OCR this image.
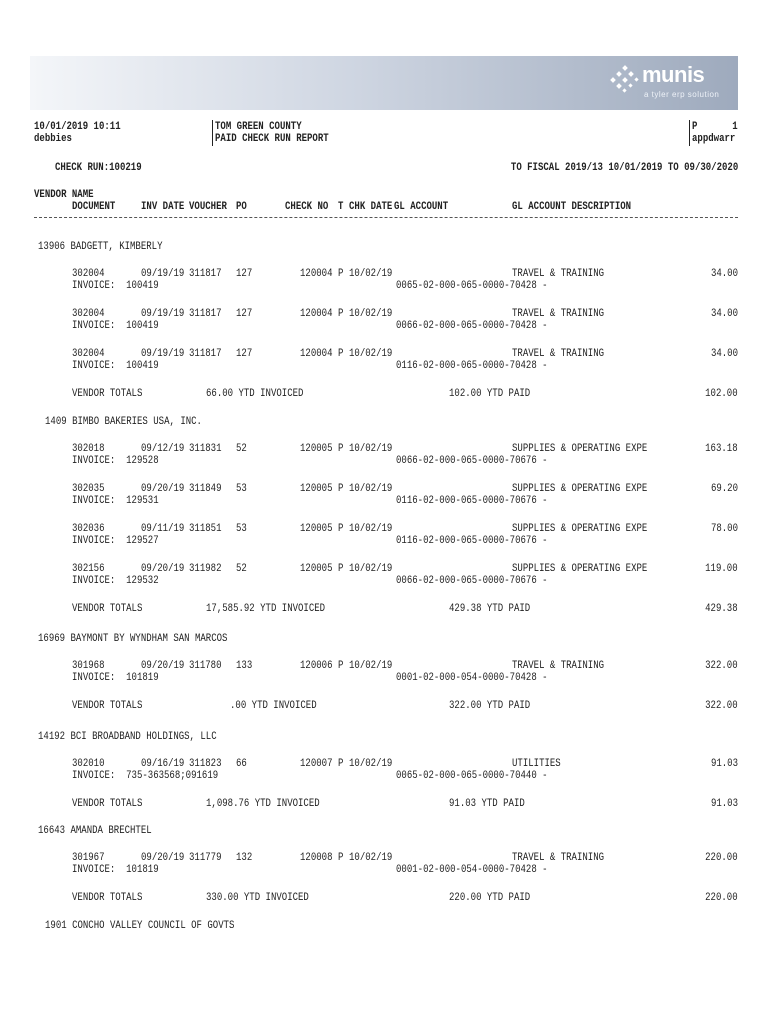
munis
a tyler erp solution
10/01/2019 10:11
debbies
TOM GREEN COUNTY
PAID CHECK RUN REPORT
P	1
appdwarr
CHECK RUN:100219	TO FISCAL 2019/13 10/01/2019 TO 09/30/2020
VENDOR NAME
DOCUMENT INV DATE VOUCHER PO	CHECK NO T CHK DATE GL ACCOUNT	GL ACCOUNT DESCRIPTION
13906 BADGETT, KIMBERLY
302004	09/19/19 311817 127	120004 P 10/02/19	TRAVEL & TRAINING	34.00
INVOICE:  100419	0065-02-000-065-0000-70428 -
302004	09/19/19 311817 127	120004 P 10/02/19	TRAVEL & TRAINING	34.00
INVOICE:  100419	0066-02-000-065-0000-70428 -
302004	09/19/19 311817 127	120004 P 10/02/19	TRAVEL & TRAINING	34.00
INVOICE:  100419	0116-02-000-065-0000-70428 -
VENDOR TOTALS	66.00 YTD INVOICED	102.00 YTD PAID	102.00
1409 BIMBO BAKERIES USA, INC.
302018	09/12/19 311831 52	120005 P 10/02/19	SUPPLIES & OPERATING EXPE	163.18
INVOICE:  129528	0066-02-000-065-0000-70676 -
302035	09/20/19 311849 53	120005 P 10/02/19	SUPPLIES & OPERATING EXPE	69.20
INVOICE:  129531	0116-02-000-065-0000-70676 -
302036	09/11/19 311851 53	120005 P 10/02/19	SUPPLIES & OPERATING EXPE	78.00
INVOICE:  129527	0116-02-000-065-0000-70676 -
302156	09/20/19 311982 52	120005 P 10/02/19	SUPPLIES & OPERATING EXPE	119.00
INVOICE:  129532	0066-02-000-065-0000-70676 -
VENDOR TOTALS	17,585.92 YTD INVOICED	429.38 YTD PAID	429.38
16969 BAYMONT BY WYNDHAM SAN MARCOS
301968	09/20/19 311780 133	120006 P 10/02/19	TRAVEL & TRAINING	322.00
INVOICE:  101819	0001-02-000-054-0000-70428 -
VENDOR TOTALS	.00 YTD INVOICED	322.00 YTD PAID	322.00
14192 BCI BROADBAND HOLDINGS, LLC
302010	09/16/19 311823 66	120007 P 10/02/19	UTILITIES	91.03
INVOICE:  735-363568;091619	0065-02-000-065-0000-70440 -
VENDOR TOTALS	1,098.76 YTD INVOICED	91.03 YTD PAID	91.03
16643 AMANDA BRECHTEL
301967	09/20/19 311779 132	120008 P 10/02/19	TRAVEL & TRAINING	220.00
INVOICE:  101819	0001-02-000-054-0000-70428 -
VENDOR TOTALS	330.00 YTD INVOICED	220.00 YTD PAID	220.00
1901 CONCHO VALLEY COUNCIL OF GOVTS
